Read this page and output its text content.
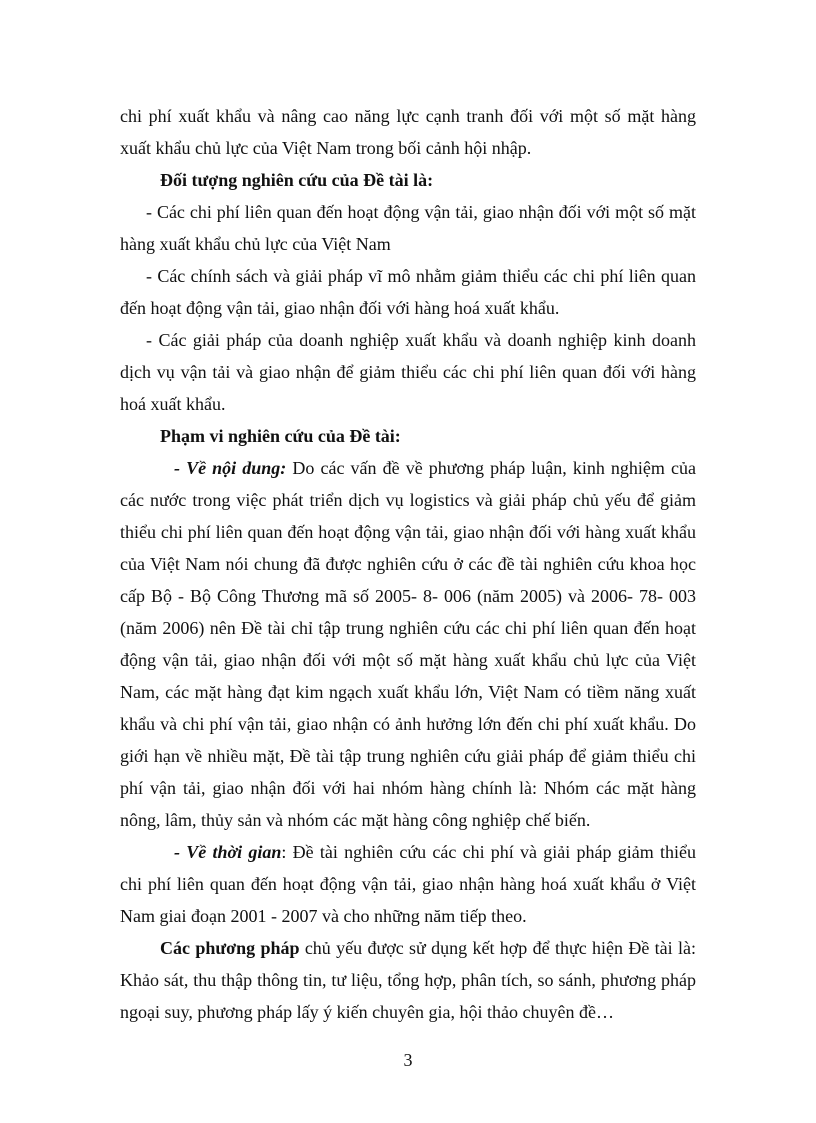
chi phí xuất khẩu và nâng cao năng lực cạnh tranh đối với một số mặt hàng xuất khẩu chủ lực của Việt Nam trong bối cảnh hội nhập.

Đối tượng nghiên cứu của Đề tài là:

- Các chi phí liên quan đến hoạt động vận tải, giao nhận đối với một số mặt hàng xuất khẩu chủ lực của Việt Nam

- Các chính sách và giải pháp vĩ mô nhằm giảm thiểu các chi phí liên quan đến hoạt động vận tải, giao nhận đối với hàng hoá xuất khẩu.

- Các giải pháp của doanh nghiệp xuất khẩu và doanh nghiệp kinh doanh dịch vụ vận tải và giao nhận để giảm thiểu các chi phí liên quan đối với hàng hoá xuất khẩu.

Phạm vi nghiên cứu của Đề tài:

- Về nội dung: Do các vấn đề về phương pháp luận, kinh nghiệm của các nước trong việc phát triển dịch vụ logistics và giải pháp chủ yếu để giảm thiểu chi phí liên quan đến hoạt động vận tải, giao nhận đối với hàng xuất khẩu của Việt Nam nói chung đã được nghiên cứu ở các đề tài nghiên cứu khoa học cấp Bộ - Bộ Công Thương mã số 2005- 8- 006 (năm 2005) và 2006- 78- 003 (năm 2006) nên Đề tài chỉ tập trung nghiên cứu các chi phí liên quan đến hoạt động vận tải, giao nhận đối với một số mặt hàng xuất khẩu chủ lực của Việt Nam, các mặt hàng đạt kim ngạch xuất khẩu lớn, Việt Nam có tiềm năng xuất khẩu và chi phí vận tải, giao nhận có ảnh hưởng lớn đến chi phí xuất khẩu. Do giới hạn về nhiều mặt, Đề tài tập trung nghiên cứu giải pháp để giảm thiểu chi phí vận tải, giao nhận đối với hai nhóm hàng chính là: Nhóm các mặt hàng nông, lâm, thủy sản và nhóm các mặt hàng công nghiệp chế biến.

- Về thời gian: Đề tài nghiên cứu các chi phí và giải pháp giảm thiểu chi phí liên quan đến hoạt động vận tải, giao nhận hàng hoá xuất khẩu ở Việt Nam giai đoạn 2001 - 2007 và cho những năm tiếp theo.

Các phương pháp chủ yếu được sử dụng kết hợp để thực hiện Đề tài là: Khảo sát, thu thập thông tin, tư liệu, tổng hợp, phân tích, so sánh, phương pháp ngoại suy, phương pháp lấy ý kiến chuyên gia, hội thảo chuyên đề…

3
